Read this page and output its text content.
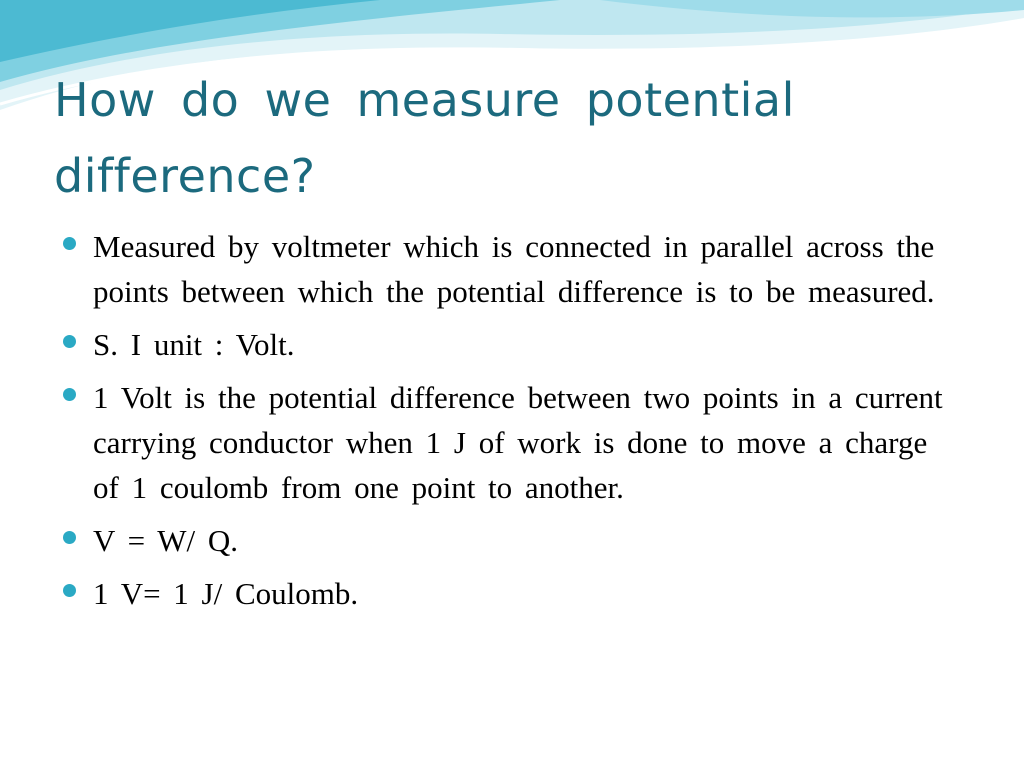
How do we measure potential difference?
Measured by voltmeter which is connected in parallel across the points between which the potential difference is to be measured.
S. I unit : Volt.
1 Volt is the potential difference between two points in a current carrying conductor when 1 J of work is done to move a charge of 1 coulomb from one point to another.
V = W/ Q.
1 V= 1 J/ Coulomb.
